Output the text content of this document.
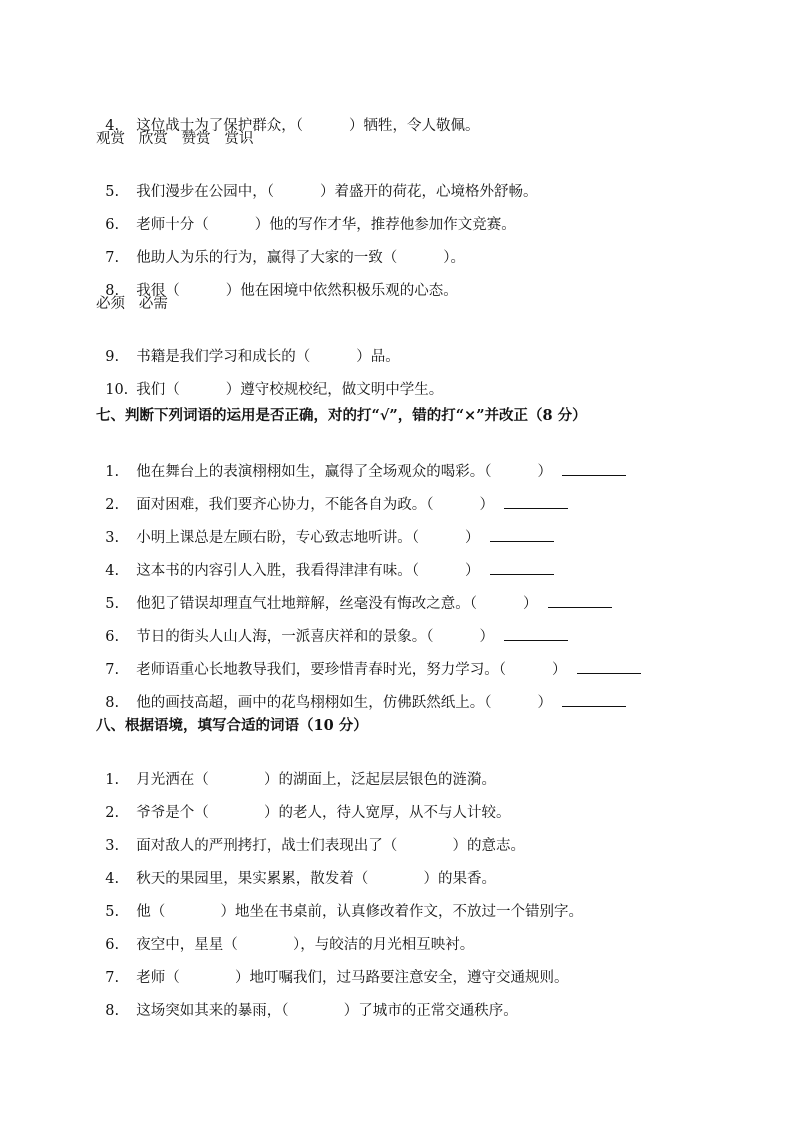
4. 这位战士为了保护群众，（          ）牺牲，令人敬佩。

观赏   欣赏   赞赏   赏识

5. 我们漫步在公园中，（          ）着盛开的荷花，心境格外舒畅。

6. 老师十分（          ）他的写作才华，推荐他参加作文竞赛。

7. 他助人为乐的行为，赢得了大家的一致（          ）。

8. 我很（          ）他在困境中依然积极乐观的心态。

必须   必需

9. 书籍是我们学习和成长的（          ）品。

10. 我们（          ）遵守校规校纪，做文明中学生。

七、判断下列词语的运用是否正确，对的打“√”，错的打“×”并改正（8 分）

1. 他在舞台上的表演栩栩如生，赢得了全场观众的喝彩。（          ）

2. 面对困难，我们要齐心协力，不能各自为政。（          ）

3. 小明上课总是左顾右盼，专心致志地听讲。（          ）

4. 这本书的内容引人入胜，我看得津津有味。（          ）

5. 他犯了错误却理直气壮地辩解，丝毫没有悔改之意。（          ）

6. 节日的街头人山人海，一派喜庆祥和的景象。（          ）

7. 老师语重心长地教导我们，要珍惜青春时光，努力学习。（          ）

8. 他的画技高超，画中的花鸟栩栩如生，仿佛跃然纸上。（          ）

八、根据语境，填写合适的词语（10 分）

1. 月光洒在（            ）的湖面上，泛起层层银色的涟漪。

2. 爷爷是个（            ）的老人，待人宽厚，从不与人计较。

3. 面对敌人的严刑拷打，战士们表现出了（            ）的意志。

4. 秋天的果园里，果实累累，散发着（            ）的果香。

5. 他（            ）地坐在书桌前，认真修改着作文，不放过一个错别字。

6. 夜空中，星星（            ），与皎洁的月光相互映衬。

7. 老师（            ）地叮嘱我们，过马路要注意安全，遵守交通规则。

8. 这场突如其来的暴雨，（            ）了城市的正常交通秩序。
